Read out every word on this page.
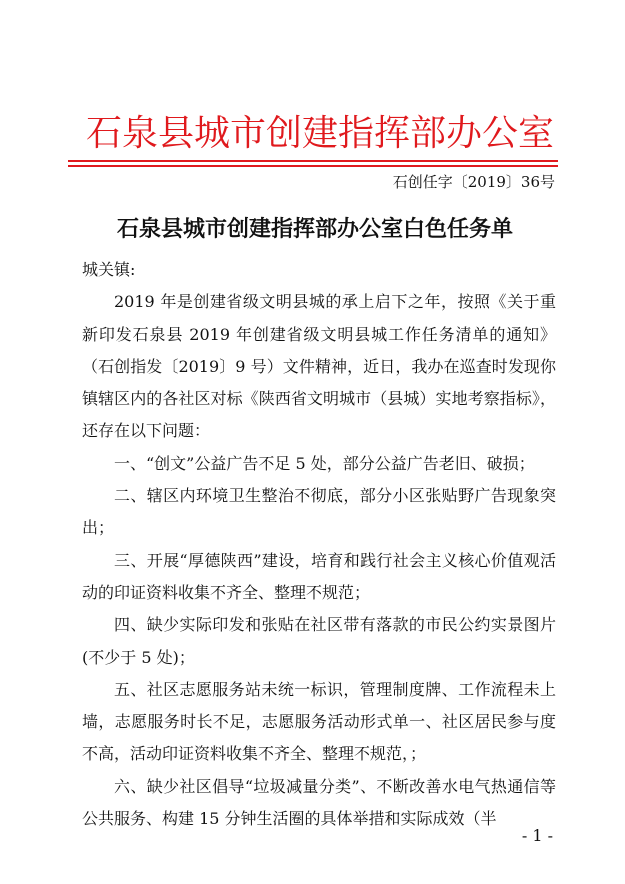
石泉县城市创建指挥部办公室
石创任字〔2019〕36号
石泉县城市创建指挥部办公室白色任务单

城关镇:

2019 年是创建省级文明县城的承上启下之年，按照《关于重新印发石泉县 2019 年创建省级文明县城工作任务清单的通知》（石创指发〔2019〕9 号）文件精神，近日，我办在巡查时发现你镇辖区内的各社区对标《陕西省文明城市（县城）实地考察指标》，还存在以下问题：

一、“创文”公益广告不足 5 处，部分公益广告老旧、破损；

二、辖区内环境卫生整治不彻底，部分小区张贴野广告现象突出；

三、开展“厚德陕西”建设，培育和践行社会主义核心价值观活动的印证资料收集不齐全、整理不规范；

四、缺少实际印发和张贴在社区带有落款的市民公约实景图片(不少于 5 处)；

五、社区志愿服务站未统一标识，管理制度牌、工作流程未上墙，志愿服务时长不足，志愿服务活动形式单一、社区居民参与度不高，活动印证资料收集不齐全、整理不规范，；

六、缺少社区倡导“垃圾减量分类”、不断改善水电气热通信等公共服务、构建 15 分钟生活圈的具体举措和实际成效（半

- 1 -
